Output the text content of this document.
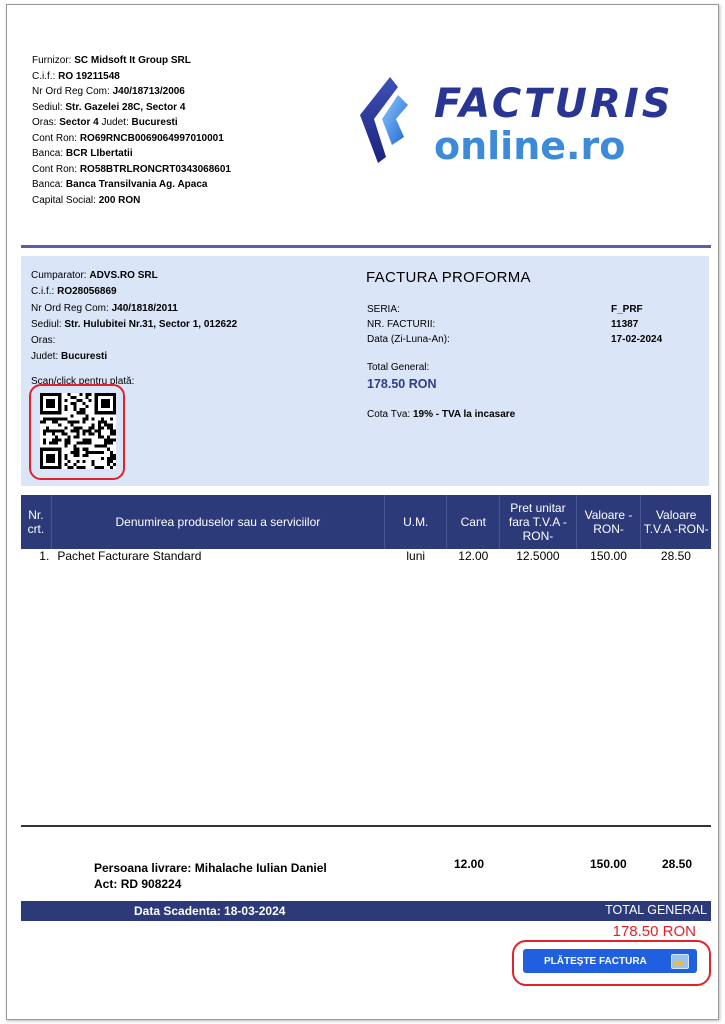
Furnizor: SC Midsoft It Group SRL
C.i.f.: RO 19211548
Nr Ord Reg Com: J40/18713/2006
Sediul: Str. Gazelei 28C, Sector 4
Oras: Sector 4 Judet: Bucuresti
Cont Ron: RO69RNCB0069064997010001
Banca: BCR LIbertatii
Cont Ron: RO58BTRLRONCRT0343068601
Banca: Banca Transilvania Ag. Apaca
Capital Social: 200 RON
FACTURIS
online.ro
Cumparator: ADVS.RO SRL
C.i.f.: RO28056869
Nr Ord Reg Com: J40/1818/2011
Sediul: Str. Hulubitei Nr.31, Sector 1, 012622
Oras:
Judet: Bucuresti
Scan/click pentru plată:
FACTURA PROFORMA
SERIA:	F_PRF
NR. FACTURII:	11387
Data (Zi-Luna-An):	17-02-2024
Total General:
178.50 RON
Cota Tva: 19% - TVA la incasare
Nr. crt.	Denumirea produselor sau a serviciilor	U.M.	Cant	Pret unitar fara T.V.A -RON-	Valoare -RON-	Valoare T.V.A -RON-
1.	Pachet Facturare Standard	luni	12.00	12.5000	150.00	28.50
Persoana livrare: Mihalache Iulian Daniel
Act: RD 908224
12.00	150.00	28.50
Data Scadenta: 18-03-2024	TOTAL GENERAL
178.50 RON
PLĂTEŞTE FACTURA
